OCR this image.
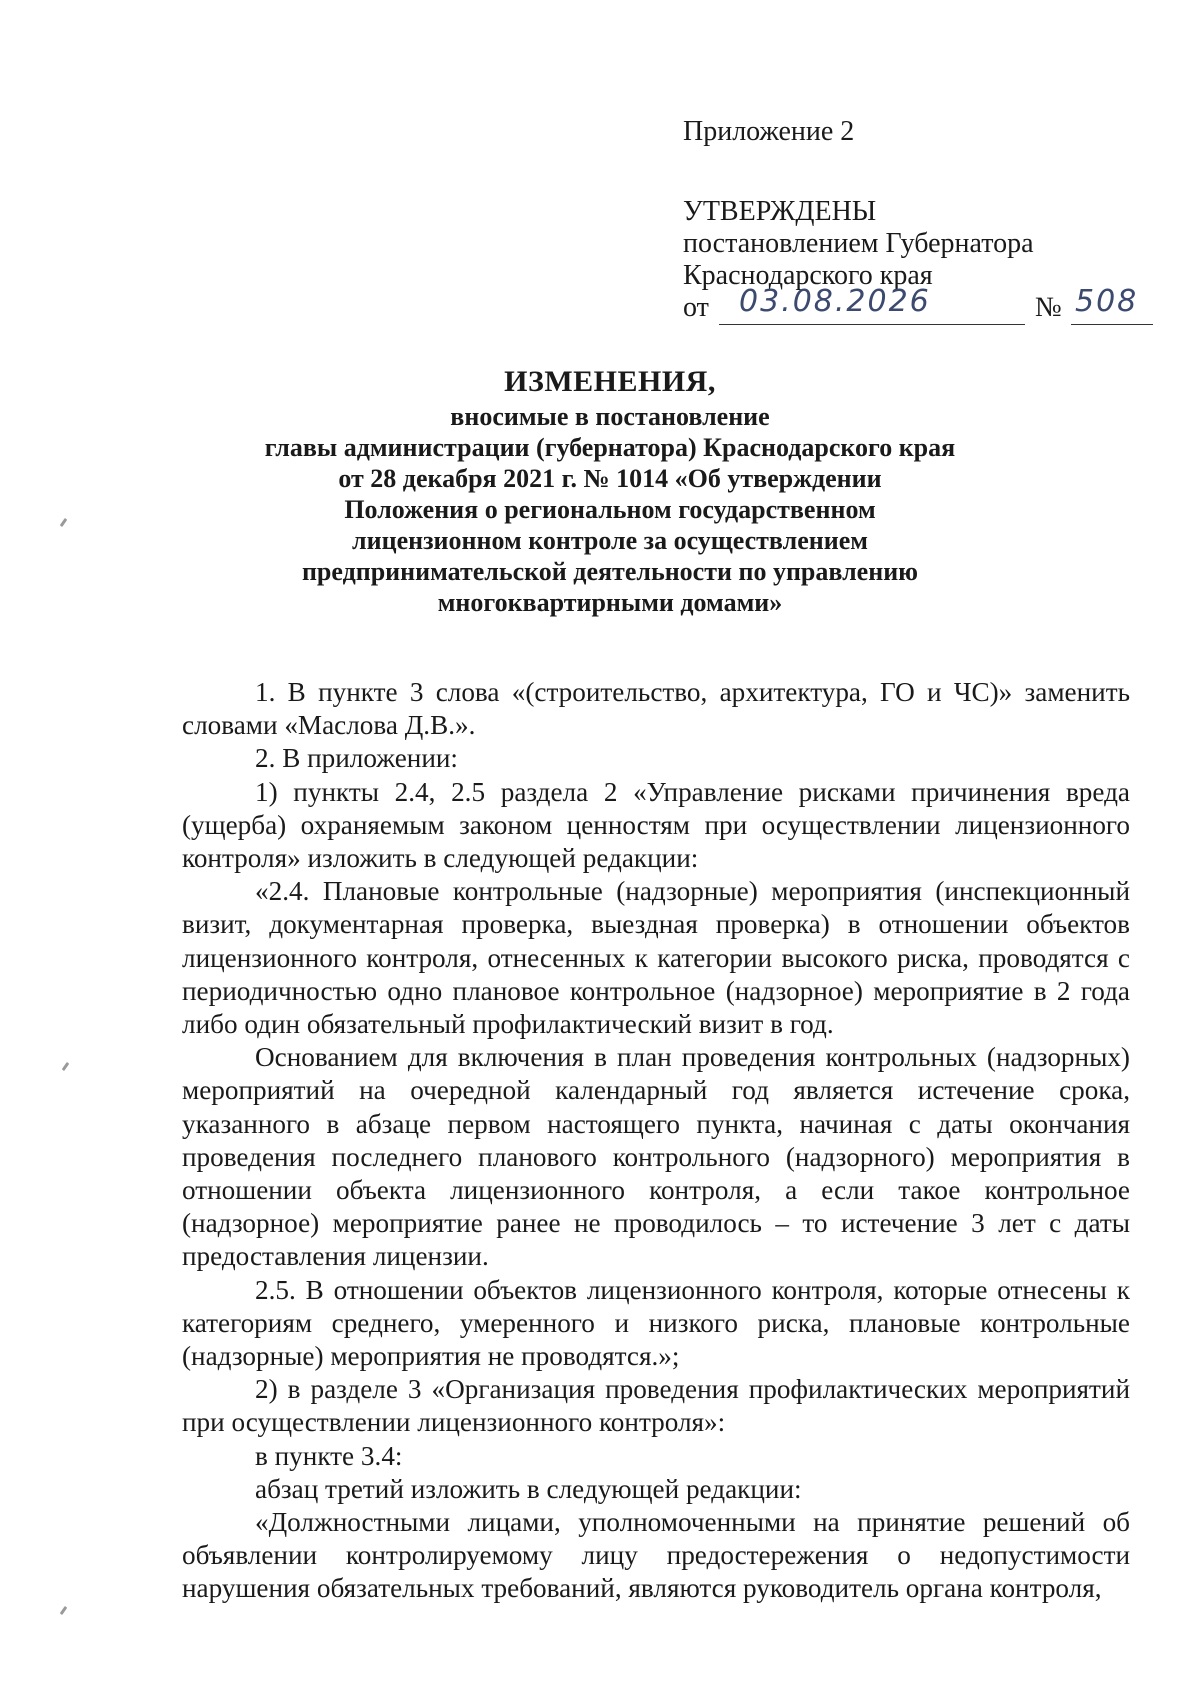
Приложение 2
УТВЕРЖДЕНЫ
постановлением Губернатора
Краснодарского края
от 03.08.2026	№ 508
ИЗМЕНЕНИЯ,
вносимые в постановление
главы администрации (губернатора) Краснодарского края
от 28 декабря 2021 г. № 1014 «Об утверждении
Положения о региональном государственном
лицензионном контроле за осуществлением
предпринимательской деятельности по управлению
многоквартирными домами»

1. В пункте 3 слова «(строительство, архитектура, ГО и ЧС)» заменить словами «Маслова Д.В.».

2. В приложении:

1) пункты 2.4, 2.5 раздела 2 «Управление рисками причинения вреда (ущерба) охраняемым законом ценностям при осуществлении лицензионного контроля» изложить в следующей редакции:

«2.4. Плановые контрольные (надзорные) мероприятия (инспекционный визит, документарная проверка, выездная проверка) в отношении объектов лицензионного контроля, отнесенных к категории высокого риска, проводятся с периодичностью одно плановое контрольное (надзорное) мероприятие в 2 года либо один обязательный профилактический визит в год.

Основанием для включения в план проведения контрольных (надзорных) мероприятий на очередной календарный год является истечение срока, указанного в абзаце первом настоящего пункта, начиная с даты окончания проведения последнего планового контрольного (надзорного) мероприятия в отношении объекта лицензионного контроля, а если такое контрольное (надзорное) мероприятие ранее не проводилось – то истечение 3 лет с даты предоставления лицензии.

2.5. В отношении объектов лицензионного контроля, которые отнесены к категориям среднего, умеренного и низкого риска, плановые контрольные (надзорные) мероприятия не проводятся.»;

2) в разделе 3 «Организация проведения профилактических мероприятий при осуществлении лицензионного контроля»:

в пункте 3.4:

абзац третий изложить в следующей редакции:

«Должностными лицами, уполномоченными на принятие решений об объявлении контролируемому лицу предостережения о недопустимости нарушения обязательных требований, являются руководитель органа контроля,
